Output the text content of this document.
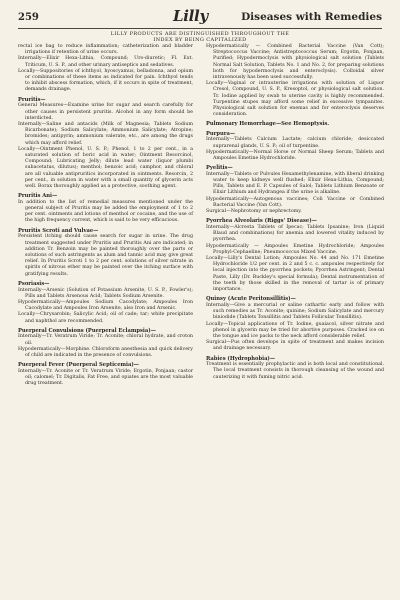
259	Lilly	Diseases with Remedies
LILLY PRODUCTS ARE DISTINGUISHED THROUGHOUT THE
INDEX BY BEING CAPITALIZED
rectal ice bag to reduce inflammation; catheterization and bladder irrigations if retention of urine occurs.
Internally—Elixir Hexa-Lithia, Compound; Uro-diuretic; Fl. Ext. Triticum, U. S. P., and other urinary antiseptics and sedatives.
Locally—Suppositories of ichthyol, hyoscyamus, belladonna, and opium or combinations of these items as indicated for pain. Ichthyol tends to inhibit abscess formation, which, if it occurs in spite of treatment, demands drainage.
Pruritis—
General Measures—Examine urine for sugar and search carefully for other causes in persistent pruritis. Alcohol in any form should be interdicted.
Internally—Saline and antacids (Milk of Magnesia; Tablets Sodium Bicarbonate); Sodium Salicylate; Ammonium Salicylate; Atropine; bromides; antipyrin; ammonium valerate, etc., are among the drugs which may afford relief.
Locally—Ointment Phenol, U. S. P.; Phenol, 1 to 2 per cent., in a saturated solution of boric acid in water; Ointment Resorcinol, Compound; Lubricating Jelly; dilute lead water (liquor plumbi subacetatus, dilutus); menthol; benzoic acid; camphor, and chloral are all valuable antipruritics incorporated in ointments. Resorcin, 2 per cent., in solution in water with a small quantity of glycerin acts well. Borax thoroughly applied as a protective, soothing agent.
Pruritis Ani—
In addition to the list of remedial measures mentioned under the general subject of Pruritis may be added the employment of 1 to 2 per cent. ointments and lotions of menthol or cocaine, and the use of the high frequency current, which is said to be very efficacious.
Pruritis Scroti and Vulvae—
Persistent itching should cause search for sugar in urine. The drug treatment suggested under Pruritis and Pruritis Ani are indicated; in addition Tr. Benzoin may be painted thoroughly over the parts or solutions of such astringents as alum and tannic acid may give great relief. In Pruritis Scroti 1 to 2 per cent. solutions of silver nitrate in spirits of nitrous ether may be painted over the itching surface with gratifying results.
Psoriasis—
Internally—Arsenic (Solution of Potassium Arsenite, U. S. P., Fowler's); Pills and Tablets Arsenous Acid; Tablets Sodium Arsenite.
Hypodermatically—Ampoules Sodium Cacodylate; Ampoules Iron Cacodylate and Ampoules Iron Arsenite, also Iron and Arsenic.
Locally—Chrysarobin; Salicylic Acid; oil of cade; tar; white precipitate and naphthol are recommended.
Puerperal Convulsions (Puerperal Eclampsia)—
Internally—Tr. Veratrum Viride; Tr. Aconite; chloral hydrate, and croton oil.
Hypodermatically—Morphine. Chloroform anesthesia and quick delivery of child are indicated in the presence of convulsions.
Puerperal Fever (Puerperal Septicemia)—
Internally—Tr. Aconite or Tr. Veratrum Viride; Ergotin, Ponjaan; castor oil; calomel; Tr. Digitalis, Fat Free, and opiates are the most valuable drug treatment.
Hypodermatically — Combined Bacterial Vaccine (Van Cott); Streptococcus Vaccine; Antistreptococcus Serum; Ergotin, Ponjaan, Purified; Hypodermoclysis with physiological salt solution (Tablets Normal Salt Solution, Tablets No. 1 and No. 2, for preparing solutions both for hypodermoclysis and enteroclysis). Colloidal silver intravenously has been used successfully.
Locally—Vaginal or intrauterine irrigations with solution of Liquor Cresol, Compound, U. S. P., Kresoptol, or physiological salt solution. Tr. Iodine applied by swab to uterine cavity is highly recommended. Turpentine stupes may afford some relief in excessive tympanites. Physiological salt solution for enemas and for enteroclysis deserves consideration.
Pulmonary Hemorrhage—See Hemoptysis.
Purpura—
Internally—Tablets Calcium Lactate; calcium chloride; desiccated suprarenal glands, U. S. P.; oil of turpentine.
Hypodermatically—Normal Horse or Normal Sheep Serum; Tablets and Ampoules Emetine Hydrochloride.
Pyelitis—
Internally—Tablets or Pulvules Hexamethylenamine, with liberal drinking water to keep kidneys well flushed; Elixir Hexa-Lithia, Compound; Pills, Tablets and E. P. Capsules of Salol; Tablets Lithium Benzoate or Elixir Lithium and Hydrangea if the urine is alkaline.
Hypodermatically—Autogenous vaccines; Coli Vaccine or Combined Bacterial Vaccine (Van Cott).
Surgical—Nephrotomy or nephrectomy.
Pyorrhea Alveolaris (Riggs' Disease)—
Internally—Alcresta Tablets of Ipecac; Tablets Ipsanine; Iron (Liquid Blaud and combinations) for anemia and lowered vitality induced by pyorrhea.
Hypodermatically — Ampoules Emetine Hydrochloride; Ampoules Prophyl-Cephaeline; Pneumococcus Mixed Vaccine.
Locally—Lilly's Dental Lotion; Ampoules No. 44 and No. 171 Emetine Hydrochloride 1/2 per cent. in 2 and 5 c. c. ampoules respectively for local injection into the pyorrhea pockets; Pyorrhea Astringent; Dental Paste, Lilly (Dr. Buckley's special formula); Dental instrumentation of the teeth by those skilled in the removal of tartar is of primary importance.
Quinsy (Acute Peritonsillitis)—
Internally—Give a mercurial or saline cathartic early and follow with such remedies as Tr. Aconite; quinine; Sodium Salicylate and mercury biniodide (Tablets Tonsillitis and Tablets Follicular Tonsillitis).
Locally—Topical applications of Tr. Iodine, guaiacol, silver nitrate and phenol in glycerin may be tried for abortive purposes. Cracked ice on the tongue and ice packs to the neck afford considerable relief.
Surgical—Pus often develops in spite of treatment and makes incision and drainage necessary.
Rabies (Hydrophobia)—
Treatment is essentially prophylactic and is both local and constitutional. The local treatment consists in thorough cleansing of the wound and cauterizing it with fuming nitric acid.
